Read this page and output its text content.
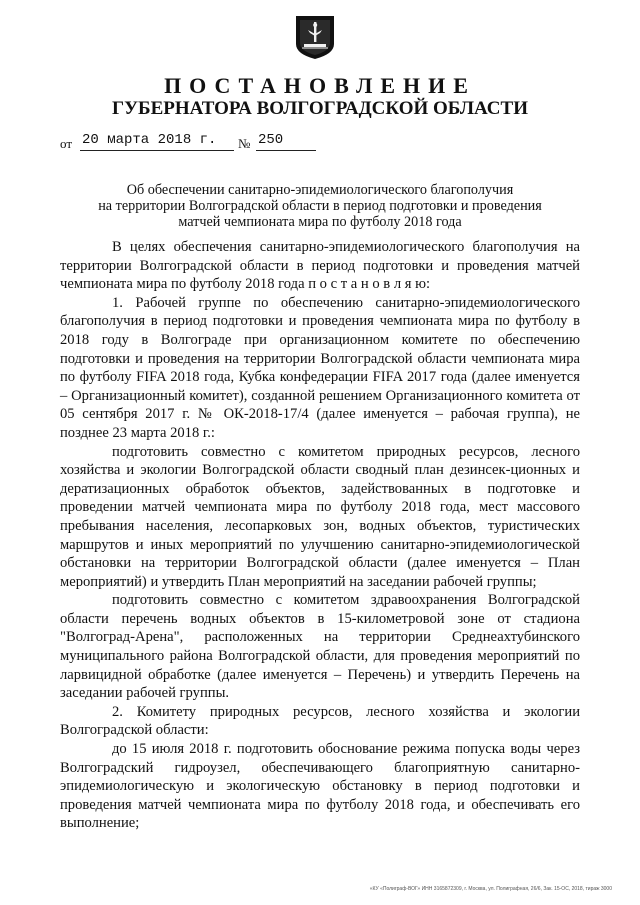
ПОСТАНОВЛЕНИЕ
ГУБЕРНАТОРА ВОЛГОГРАДСКОЙ ОБЛАСТИ
от 20 марта 2018 г.	№ 250
Об обеспечении санитарно-эпидемиологического благополучия
на территории Волгоградской области в период подготовки и проведения
матчей чемпионата мира по футболу 2018 года

В целях обеспечения санитарно-эпидемиологического благополучия на территории Волгоградской области в период подготовки и проведения матчей чемпионата мира по футболу 2018 года п о с т а н о в л я ю:

1. Рабочей группе по обеспечению санитарно-эпидемиологического благополучия в период подготовки и проведения чемпионата мира по футболу в 2018 году в Волгограде при организационном комитете по обеспечению подготовки и проведения на территории Волгоградской области чемпионата мира по футболу FIFA 2018 года, Кубка конфедерации FIFA 2017 года (далее именуется – Организационный комитет), созданной решением Организационного комитета от 05 сентября 2017 г. № ОК-2018-17/4 (далее именуется – рабочая группа), не позднее 23 марта 2018 г.:

подготовить совместно с комитетом природных ресурсов, лесного хозяйства и экологии Волгоградской области сводный план дезинсек-ционных и дератизационных обработок объектов, задействованных в подготовке и проведении матчей чемпионата мира по футболу 2018 года, мест массового пребывания населения, лесопарковых зон, водных объектов, туристических маршрутов и иных мероприятий по улучшению санитарно-эпидемиологической обстановки на территории Волгоградской области (далее именуется – План мероприятий) и утвердить План мероприятий на заседании рабочей группы;

подготовить совместно с комитетом здравоохранения Волгоградской области перечень водных объектов в 15-километровой зоне от стадиона "Волгоград-Арена", расположенных на территории Среднеахтубинского муниципального района Волгоградской области, для проведения мероприятий по ларвицидной обработке (далее именуется – Перечень) и утвердить Перечень на заседании рабочей группы.

2. Комитету природных ресурсов, лесного хозяйства и экологии Волгоградской области:

до 15 июля 2018 г. подготовить обоснование режима попуска воды через Волгоградский гидроузел, обеспечивающего благоприятную санитарно-эпидемиологическую и экологическую обстановку в период подготовки и проведения матчей чемпионата мира по футболу 2018 года, и обеспечивать его выполнение;

«КУ «Полиграф-ВОГ» ИНН 3165872309, г. Москва, ул. Полиграфная, 26/6, Зак. 15-ОС, 2018, тираж 3000
